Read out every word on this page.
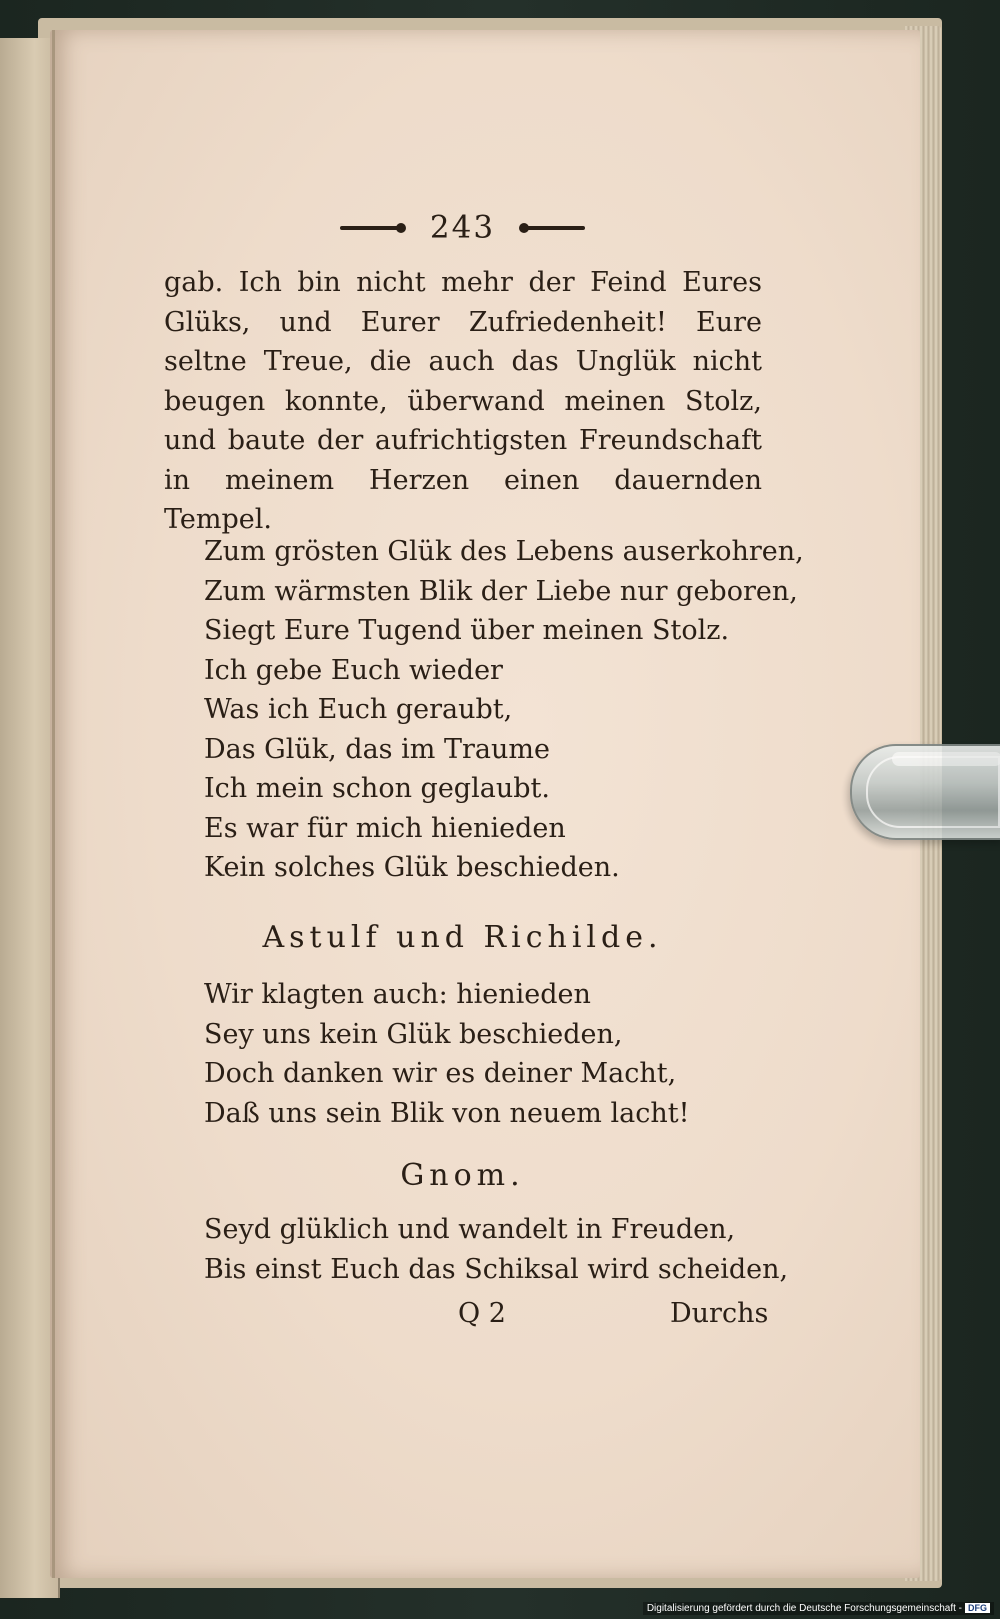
243

gab. Ich bin nicht mehr der Feind Eures Glüks, und Eurer Zufriedenheit! Eure seltne Treue, die auch das Unglük nicht beugen konnte, überwand meinen Stolz, und baute der aufrichtigsten Freundschaft in meinem Herzen einen dauernden Tempel.

Zum grösten Glük des Lebens auserkohren,
Zum wärmsten Blik der Liebe nur geboren,
Siegt Eure Tugend über meinen Stolz.
Ich gebe Euch wieder
Was ich Euch geraubt,
Das Glük, das im Traume
Ich mein schon geglaubt.
Es war für mich hienieden
Kein solches Glük beschieden.

Astulf und Richilde.

Wir klagten auch: hienieden
Sey uns kein Glük beschieden,
Doch danken wir es deiner Macht,
Daß uns sein Blik von neuem lacht!

Gnom.

Seyd glüklich und wandelt in Freuden,
Bis einst Euch das Schiksal wird scheiden,
Q 2	Durchs
Digitalisierung gefördert durch die Deutsche Forschungsgemeinschaft - DFG
